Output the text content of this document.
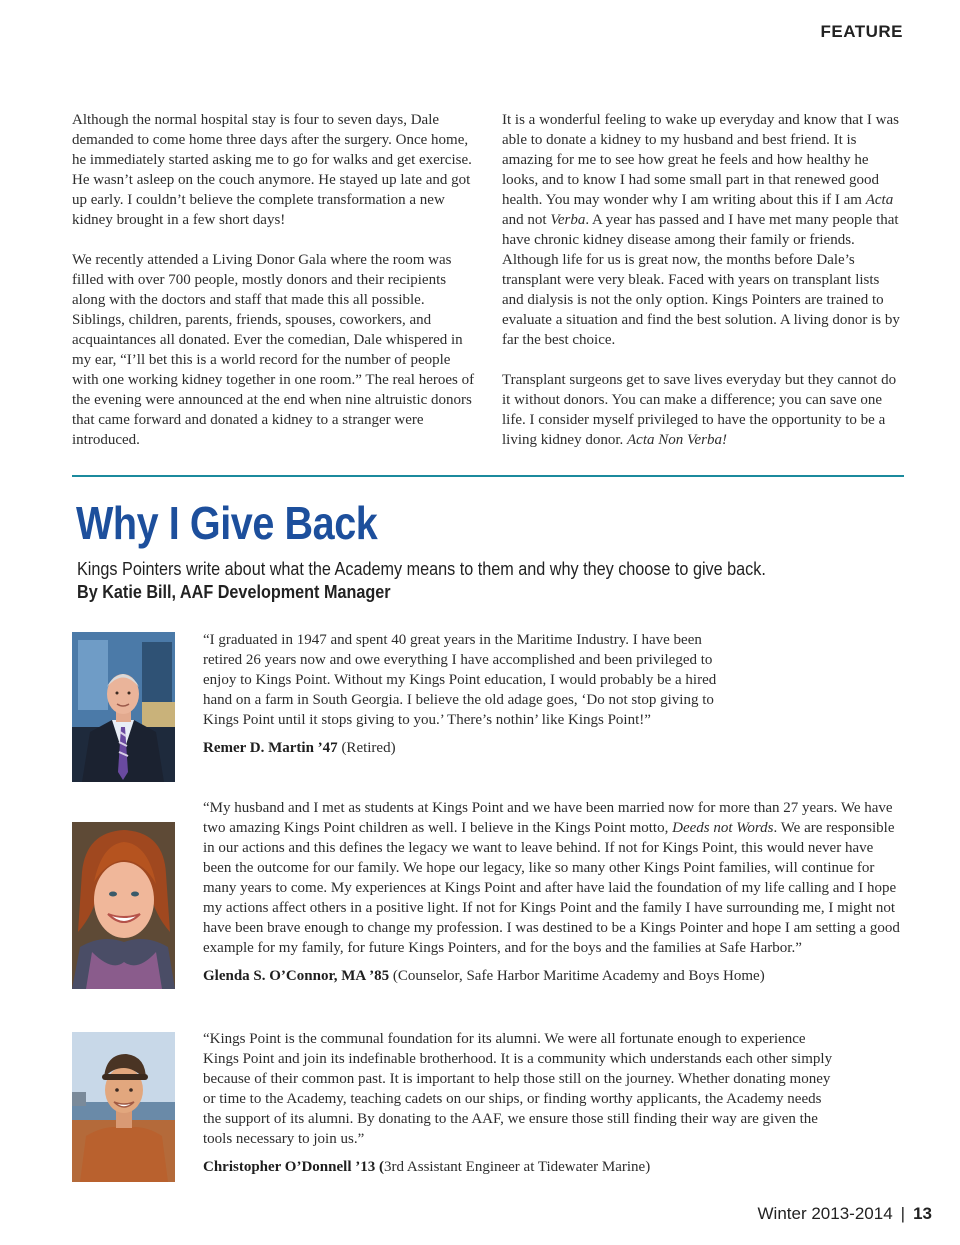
FEATURE

Although the normal hospital stay is four to seven days, Dale demanded to come home three days after the surgery. Once home, he immediately started asking me to go for walks and get exercise. He wasn’t asleep on the couch anymore. He stayed up late and got up early. I couldn’t believe the complete transformation a new kidney brought in a few short days!

We recently attended a Living Donor Gala where the room was filled with over 700 people, mostly donors and their recipients along with the doctors and staff that made this all possible. Siblings, children, parents, friends, spouses, coworkers, and acquaintances all donated. Ever the comedian, Dale whispered in my ear, “I’ll bet this is a world record for the number of people with one working kidney together in one room.” The real heroes of the evening were announced at the end when nine altruistic donors that came forward and donated a kidney to a stranger were introduced.

It is a wonderful feeling to wake up everyday and know that I was able to donate a kidney to my husband and best friend. It is amazing for me to see how great he feels and how healthy he looks, and to know I had some small part in that renewed good health. You may wonder why I am writing about this if I am Acta and not Verba. A year has passed and I have met many people that have chronic kidney disease among their family or friends. Although life for us is great now, the months before Dale’s transplant were very bleak. Faced with years on transplant lists and dialysis is not the only option. Kings Pointers are trained to evaluate a situation and find the best solution. A living donor is by far the best choice.

Transplant surgeons get to save lives everyday but they cannot do it without donors. You can make a difference; you can save one life. I consider myself privileged to have the opportunity to be a living kidney donor. Acta Non Verba!

Why I Give Back
Kings Pointers write about what the Academy means to them and why they choose to give back.
By Katie Bill, AAF Development Manager

“I graduated in 1947 and spent 40 great years in the Maritime Industry. I have been retired 26 years now and owe everything I have accomplished and been privileged to enjoy to Kings Point. Without my Kings Point education, I would probably be a hired hand on a farm in South Georgia. I believe the old adage goes, ‘Do not stop giving to Kings Point until it stops giving to you.’ There’s nothin’ like Kings Point!”

Remer D. Martin ’47 (Retired)

“My husband and I met as students at Kings Point and we have been married now for more than 27 years. We have two amazing Kings Point children as well. I believe in the Kings Point motto, Deeds not Words. We are responsible in our actions and this defines the legacy we want to leave behind. If not for Kings Point, this would never have been the outcome for our family. We hope our legacy, like so many other Kings Point families, will continue for many years to come. My experiences at Kings Point and after have laid the foundation of my life calling and I hope my actions affect others in a positive light. If not for Kings Point and the family I have surrounding me, I might not have been brave enough to change my profession. I was destined to be a Kings Pointer and hope I am setting a good example for my family, for future Kings Pointers, and for the boys and the families at Safe Harbor.”

Glenda S. O’Connor, MA ’85 (Counselor, Safe Harbor Maritime Academy and Boys Home)

“Kings Point is the communal foundation for its alumni. We were all fortunate enough to experience Kings Point and join its indefinable brotherhood. It is a community which understands each other simply because of their common past. It is important to help those still on the journey. Whether donating money or time to the Academy, teaching cadets on our ships, or finding worthy applicants, the Academy needs the support of its alumni. By donating to the AAF, we ensure those still finding their way are given the tools necessary to join us.”

Christopher O’Donnell ’13 (3rd Assistant Engineer at Tidewater Marine)

Winter 2013-2014 | 13
